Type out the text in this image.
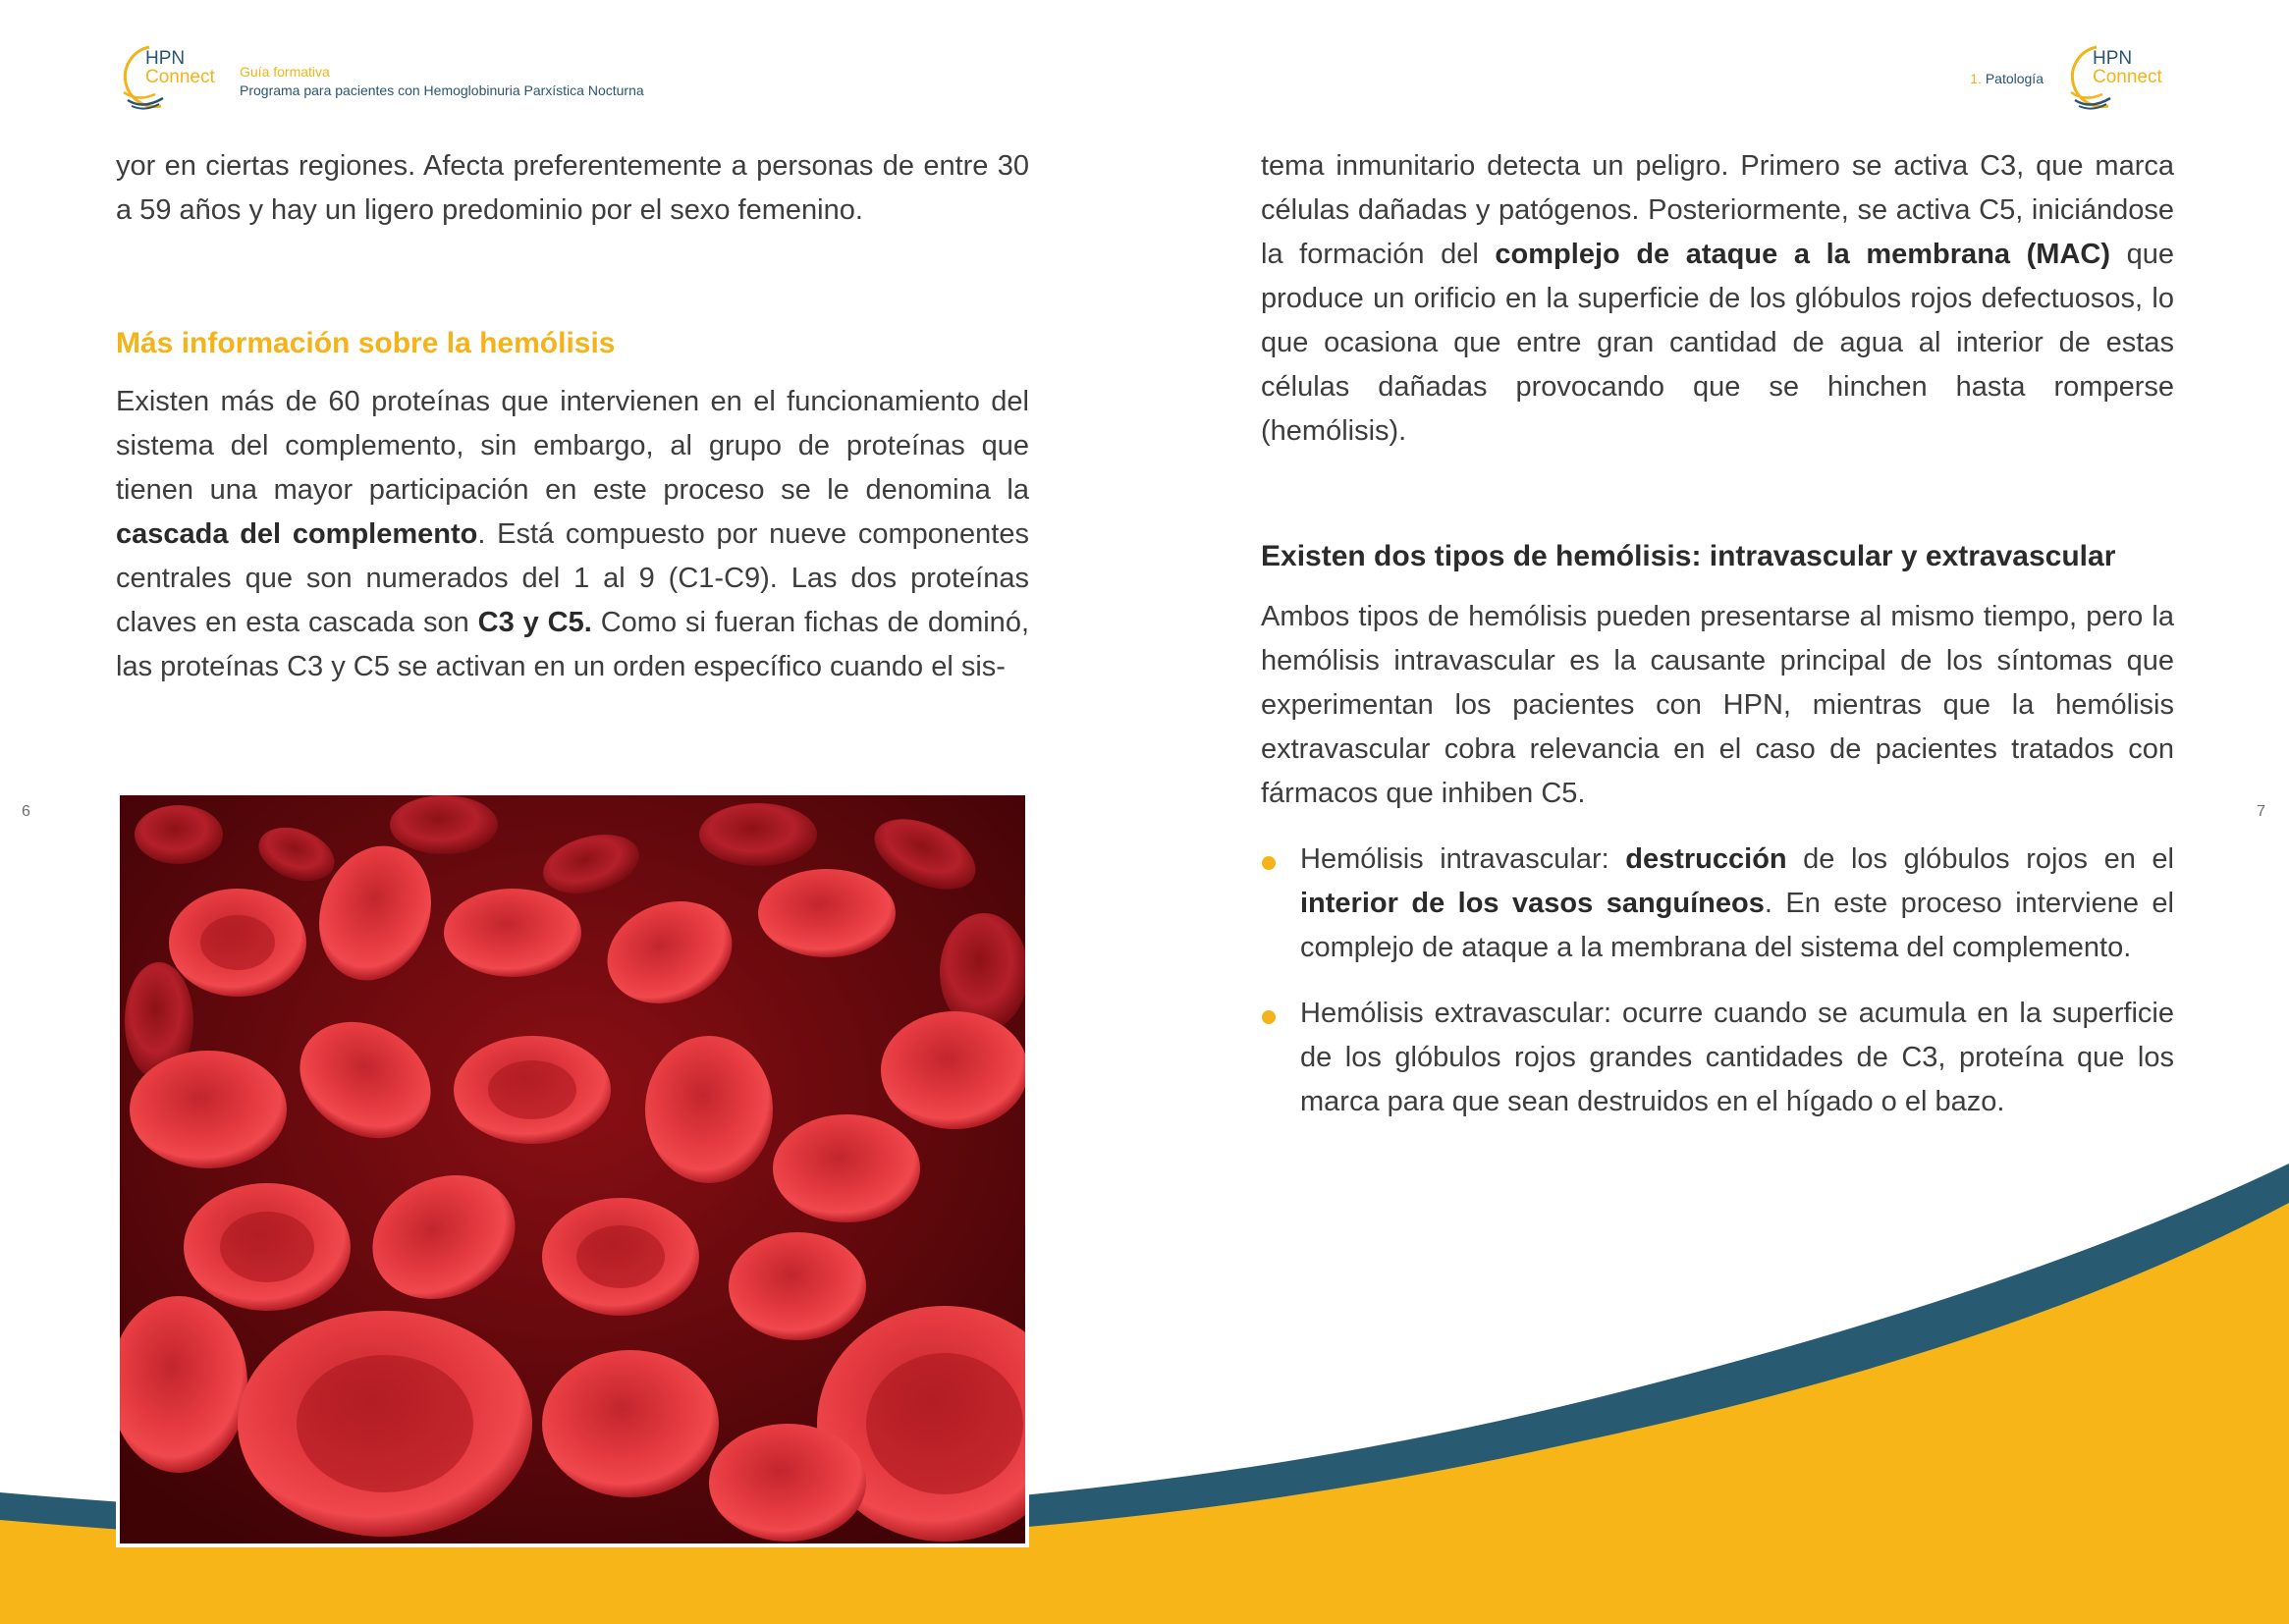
HPN
Connect Guía formativa
Programa para pacientes con Hemoglobinuria Parxística Nocturna
1. Patología
HPN
Connect
6	7

yor en ciertas regiones. Afecta preferentemente a personas de entre 30 a 59 años y hay un ligero predominio por el sexo femenino.

Más información sobre la hemólisis

Existen más de 60 proteínas que intervienen en el funcionamiento del sistema del complemento, sin embargo, al grupo de proteínas que tienen una mayor participación en este proceso se le denomina la cascada del complemento. Está compuesto por nueve componentes centrales que son numerados del 1 al 9 (C1-C9). Las dos proteínas claves en esta cascada son C3 y C5. Como si fueran fichas de dominó, las proteínas C3 y C5 se activan en un orden específico cuando el sis-

tema inmunitario detecta un peligro. Primero se activa C3, que marca células dañadas y patógenos. Posteriormente, se activa C5, iniciándose la formación del complejo de ataque a la membrana (MAC) que produce un orificio en la superficie de los glóbulos rojos defectuosos, lo que ocasiona que entre gran cantidad de agua al interior de estas células dañadas provocando que se hinchen hasta romperse (hemólisis).

Existen dos tipos de hemólisis: intravascular y extravascular

Ambos tipos de hemólisis pueden presentarse al mismo tiempo, pero la hemólisis intravascular es la causante principal de los síntomas que experimentan los pacientes con HPN, mientras que la hemólisis extravascular cobra relevancia en el caso de pacientes tratados con fármacos que inhiben C5.

Hemólisis intravascular: destrucción de los glóbulos rojos en el interior de los vasos sanguíneos. En este proceso interviene el complejo de ataque a la membrana del sistema del complemento.
Hemólisis extravascular: ocurre cuando se acumula en la superficie de los glóbulos rojos grandes cantidades de C3, proteína que los marca para que sean destruidos en el hígado o el bazo.
